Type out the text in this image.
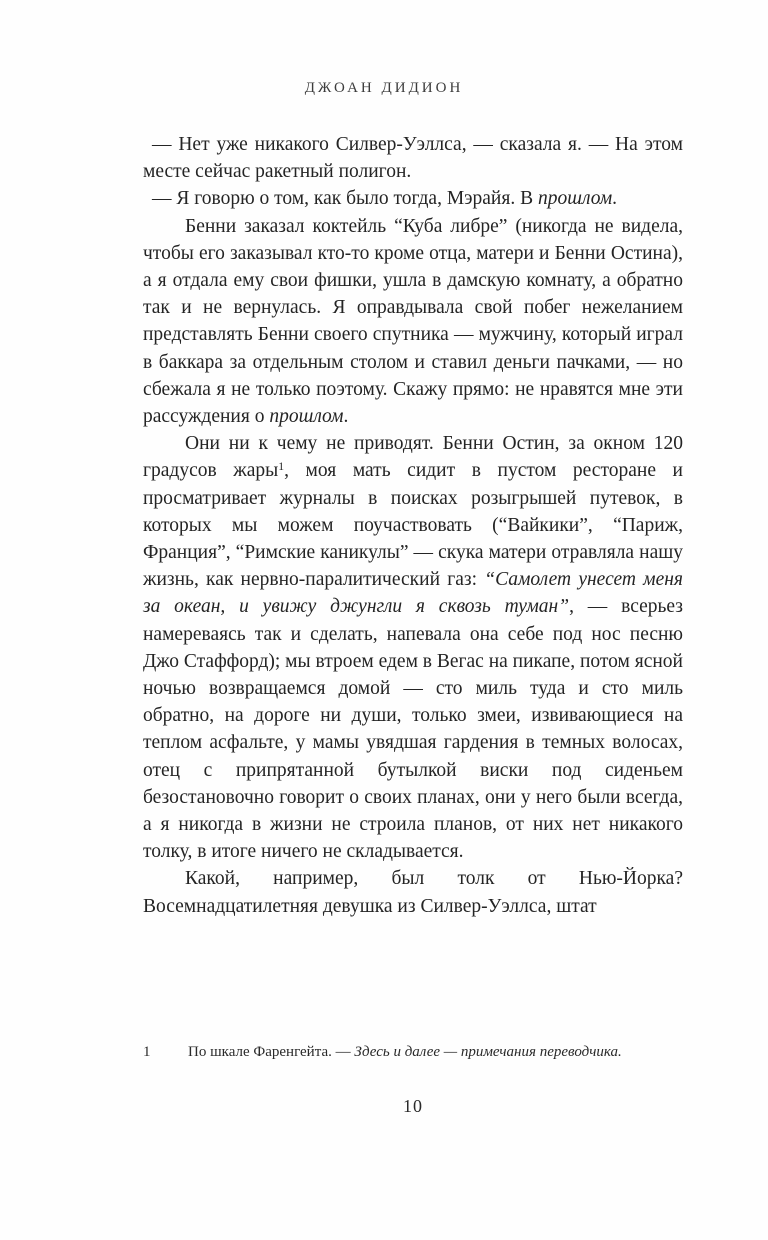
ДЖОАН ДИДИОН

— Нет уже никакого Силвер-Уэллса, — сказала я. — На этом месте сейчас ракетный полигон.

— Я говорю о том, как было тогда, Мэрайя. В прошлом.

Бенни заказал коктейль “Куба либре” (никогда не видела, чтобы его заказывал кто-то кроме отца, матери и Бенни Остина), а я отдала ему свои фишки, ушла в дамскую комнату, а обратно так и не вернулась. Я оправдывала свой побег нежеланием представлять Бенни своего спутника — мужчину, который играл в баккара за отдельным столом и ставил деньги пачками, — но сбежала я не только поэтому. Скажу прямо: не нравятся мне эти рассуждения о прошлом.

Они ни к чему не приводят. Бенни Остин, за окном 120 градусов жары$^1$, моя мать сидит в пустом ресторане и просматривает журналы в поисках розыгрышей путевок, в которых мы можем поучаствовать (“Вайкики”, “Париж, Франция”, “Римские каникулы” — скука матери отравляла нашу жизнь, как нервно-паралитический газ: “Самолет унесет меня за океан, и увижу джунгли я сквозь туман”, — всерьез намереваясь так и сделать, напевала она себе под нос песню Джо Стаффорд); мы втроем едем в Вегас на пикапе, потом ясной ночью возвращаемся домой — сто миль туда и сто миль обратно, на дороге ни души, только змеи, извивающиеся на теплом асфальте, у мамы увядшая гардения в темных волосах, отец с припрятанной бутылкой виски под сиденьем безостановочно говорит о своих планах, они у него были всегда, а я никогда в жизни не строила планов, от них нет никакого толку, в итоге ничего не складывается.

Какой, например, был толк от Нью-Йорка? Восемнадцатилетняя девушка из Силвер-Уэллса, штат

1	По шкале Фаренгейта. — Здесь и далее — примечания переводчика.
10
